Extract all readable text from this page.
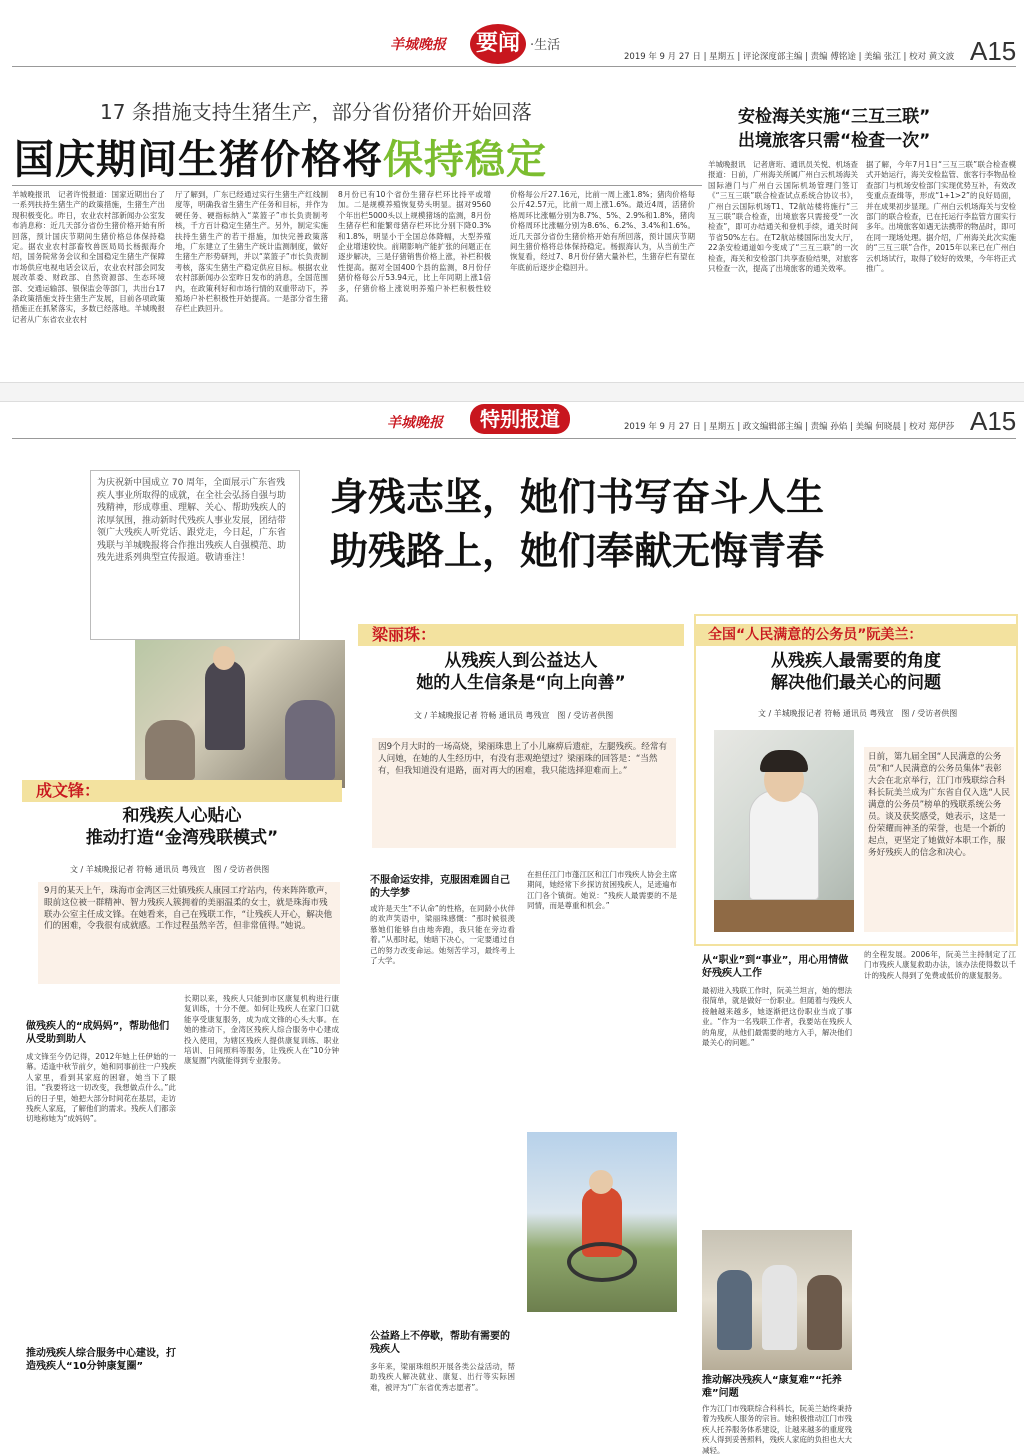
羊城晚报 要闻 ·生活
2019 年 9 月 27 日 | 星期五 | 评论深度部主编 | 责编 傅铭途 | 美编 张江 | 校对 黄文波 A15
17 条措施支持生猪生产，部分省份猪价开始回落
国庆期间生猪价格将保持稳定
安检海关实施“三互三联”
出境旅客只需“检查一次”
羊城晚报讯　记者许悦报道：国家近期出台了一系列扶持生猪生产的政策措施，生猪生产出现积极变化。昨日，农业农村部新闻办公室发布消息称：近几天部分省份生猪价格开始有所回落，预计国庆节期间生猪价格总体保持稳定。据农业农村部畜牧兽医局局长杨振海介绍，国务院常务会议和全国稳定生猪生产保障市场供应电视电话会议后，农业农村部会同发展改革委、财政部、自然资源部、生态环境部、交通运输部、银保监会等部门，共出台17条政策措施支持生猪生产发展，目前各项政策措施正在抓紧落实，多数已经落地。羊城晚报记者从广东省农业农村
厅了解到，广东已经通过实行生猪生产红线制度等，明确我省生猪生产任务和目标，并作为硬任务、硬指标纳入“菜篮子”市长负责制考核，千方百计稳定生猪生产。另外，制定实施扶持生猪生产的若干措施，加快完善政策落地，广东建立了生猪生产统计监测制度，做好生猪生产形势研判，并以“菜篮子”市长负责制考核，落实生猪生产稳定供应目标。根据农业农村部新闻办公室昨日发布的消息，全国范围内，在政策利好和市场行情的双重带动下，养殖场户补栏积极性开始提高。一是部分省生猪存栏止跌回升。
8月份已有10个省份生猪存栏环比持平或增加。二是规模养殖恢复势头明显。据对9560个年出栏5000头以上规模猪场的监测，8月份生猪存栏和能繁母猪存栏环比分别下降0.3%和1.8%，明显小于全国总体降幅，大型养殖企业增速较快。前期影响产能扩张的问题正在逐步解决，三是仔猪销售价格上涨，补栏积极性提高。据对全国400个县的监测，8月份仔猪价格每公斤53.94元，比上年同期上涨1倍多，仔猪价格上涨说明养殖户补栏积极性较高。
价格每公斤27.16元，比前一周上涨1.8%；猪肉价格每公斤42.57元，比前一周上涨1.6%。最近4周，活猪价格周环比涨幅分别为8.7%、5%、2.9%和1.8%，猪肉价格周环比涨幅分别为8.6%、6.2%、3.4%和1.6%。近几天部分省份生猪价格开始有所回落，预计国庆节期间生猪价格将总体保持稳定。杨振海认为，从当前生产恢复看，经过7、8月份仔猪大量补栏，生猪存栏有望在年底前后逐步企稳回升。
羊城晚报讯　记者唐珩、通讯员关悦、机场查报道：日前，广州海关所属广州白云机场海关国际港门与广州白云国际机场管理门签订《“三互三联”联合检查试点系统合协议书》，广州白云国际机场T1、T2航站楼将施行“三互三联”联合检查，出境旅客只需接受“一次检查”，即可办结通关和登机手续，通关时间节省50%左右。在T2航站楼国际出发大厅，22条安检通道如今变成了“三互三联”的一次检查，海关和安检部门共享查验结果，对旅客只检查一次，提高了出境旅客的通关效率。
据了解，今年7月1日“三互三联”联合检查模式开始运行，海关安检监管、旅客行李物品检查部门与机场安检部门实现优势互补，有效改变重点查缉等，形成“1+1>2”的良好局面，并在成果初步显现。广州白云机场海关与安检部门的联合检查，已在托运行李监管方面实行多年。出境旅客如遇无法携带的物品时，即可在同一现场处理。据介绍，广州海关此次实施的“三互三联”合作，2015年以来已在广州白云机场试行，取得了较好的效果，今年将正式推广。
羊城晚报	特别报道	2019 年 9 月 27 日 | 星期五 | 政文编辑部主编 | 责编 孙焰 | 美编 何晓晨 | 校对 郑伊莎 A15
为庆祝新中国成立 70 周年，全面展示广东省残疾人事业所取得的成就，在全社会弘扬自强与助残精神，形成尊重、理解、关心、帮助残疾人的浓厚氛围，推动新时代残疾人事业发展，团结带领广大残疾人听党话、跟党走，今日起，广东省残联与羊城晚报将合作推出残疾人自强模范、助残先进系列典型宣传报道。敬请垂注！
身残志坚，她们书写奋斗人生
助残路上，她们奉献无悔青春
成文锋：
和残疾人心贴心
推动打造“金湾残联模式”
文 / 羊城晚报记者 符畅 通讯员 粤残宣　图 / 受访者供图
9月的某天上午，珠海市金湾区三灶镇残疾人康园工疗站内，传来阵阵歌声，眼前这位被一群精神、智力残疾人簇拥着的美丽温柔的女士，就是珠海市残联办公室主任成文锋。在她看来，自己在残联工作，“让残疾人开心，解决他们的困难，令我很有成就感。工作过程虽然辛苦，但非常值得。”她说。
做残疾人的“成妈妈”，帮助他们从受助到助人
成文锋至今仍记得，2012年她上任伊始的一幕。适逢中秋节前夕，她和同事前往一户残疾人家里，看到其家庭的困窘，她当下了眼泪。“我要将这一切改变，我想做点什么。”此后的日子里，她把大部分时间花在基层，走访残疾人家庭，了解他们的需求。残疾人们都亲切地称她为“成妈妈”。
推动残疾人综合服务中心建设，打造残疾人“10分钟康复圈”
长期以来，残疾人只能到市区康复机构进行康复训练，十分不便。如何让残疾人在家门口就能享受康复服务，成为成文锋的心头大事。在她的推动下，金湾区残疾人综合服务中心建成投入使用，为辖区残疾人提供康复训练、职业培训、日间照料等服务，让残疾人在“10分钟康复圈”内就能得到专业服务。
梁丽珠：
从残疾人到公益达人
她的人生信条是“向上向善”
文 / 羊城晚报记者 符畅 通讯员 粤残宣　图 / 受访者供图
因9个月大时的一场高烧，梁丽珠患上了小儿麻痹后遗症，左腿残疾。经常有人问她，在她的人生经历中，有没有悲观绝望过？梁丽珠的回答是：“当然有，但我知道没有退路，面对再大的困难，我只能选择迎难而上。”
不服命运安排，克服困难圆自己的大学梦
或许是天生“不认命”的性格，在同龄小伙伴的欢声笑语中，梁丽珠感慨：“那时候很羡慕她们能够自由地奔跑，我只能在旁边看着。”从那时起，她暗下决心，一定要通过自己的努力改变命运。她刻苦学习，最终考上了大学。
在担任江门市蓬江区和江门市残疾人协会主席期间，她经常下乡探访贫困残疾人，足迹遍布江门各个镇街。她说：“残疾人最需要的不是同情，而是尊重和机会。”
公益路上不停歇，帮助有需要的残疾人
多年来，梁丽珠组织开展各类公益活动，帮助残疾人解决就业、康复、出行等实际困难，被评为“广东省优秀志愿者”。
全国“人民满意的公务员”阮美兰：
从残疾人最需要的角度
解决他们最关心的问题
文 / 羊城晚报记者 符畅 通讯员 粤残宣　图 / 受访者供图
日前，第九届全国“人民满意的公务员”和“人民满意的公务员集体”表彰大会在北京举行，江门市残联综合科科长阮美兰成为广东省自仅入选“人民满意的公务员”榜单的残联系统公务员。谈及获奖感受，她表示，这是一份荣耀而神圣的荣誉，也是一个新的起点，更坚定了她做好本职工作，服务好残疾人的信念和决心。
从“职业”到“事业”，用心用情做好残疾人工作
最初进入残联工作时，阮美兰坦言，她的想法很简单，就是做好一份职业。但随着与残疾人接触越来越多，她逐渐把这份职业当成了事业。“作为一名残联工作者，我要站在残疾人的角度，从他们最需要的地方入手，解决他们最关心的问题。”
推动解决残疾人“康复难”“托养难”问题
作为江门市残联综合科科长，阮美兰始终秉持着为残疾人服务的宗旨。她积极推动江门市残疾人托养服务体系建设，让越来越多的重度残疾人得到妥善照料，残疾人家庭的负担也大大减轻。
的全程发展。2006年，阮美兰主持制定了江门市残疾人康复救助办法，该办法使得数以千计的残疾人得到了免费或低价的康复服务。
